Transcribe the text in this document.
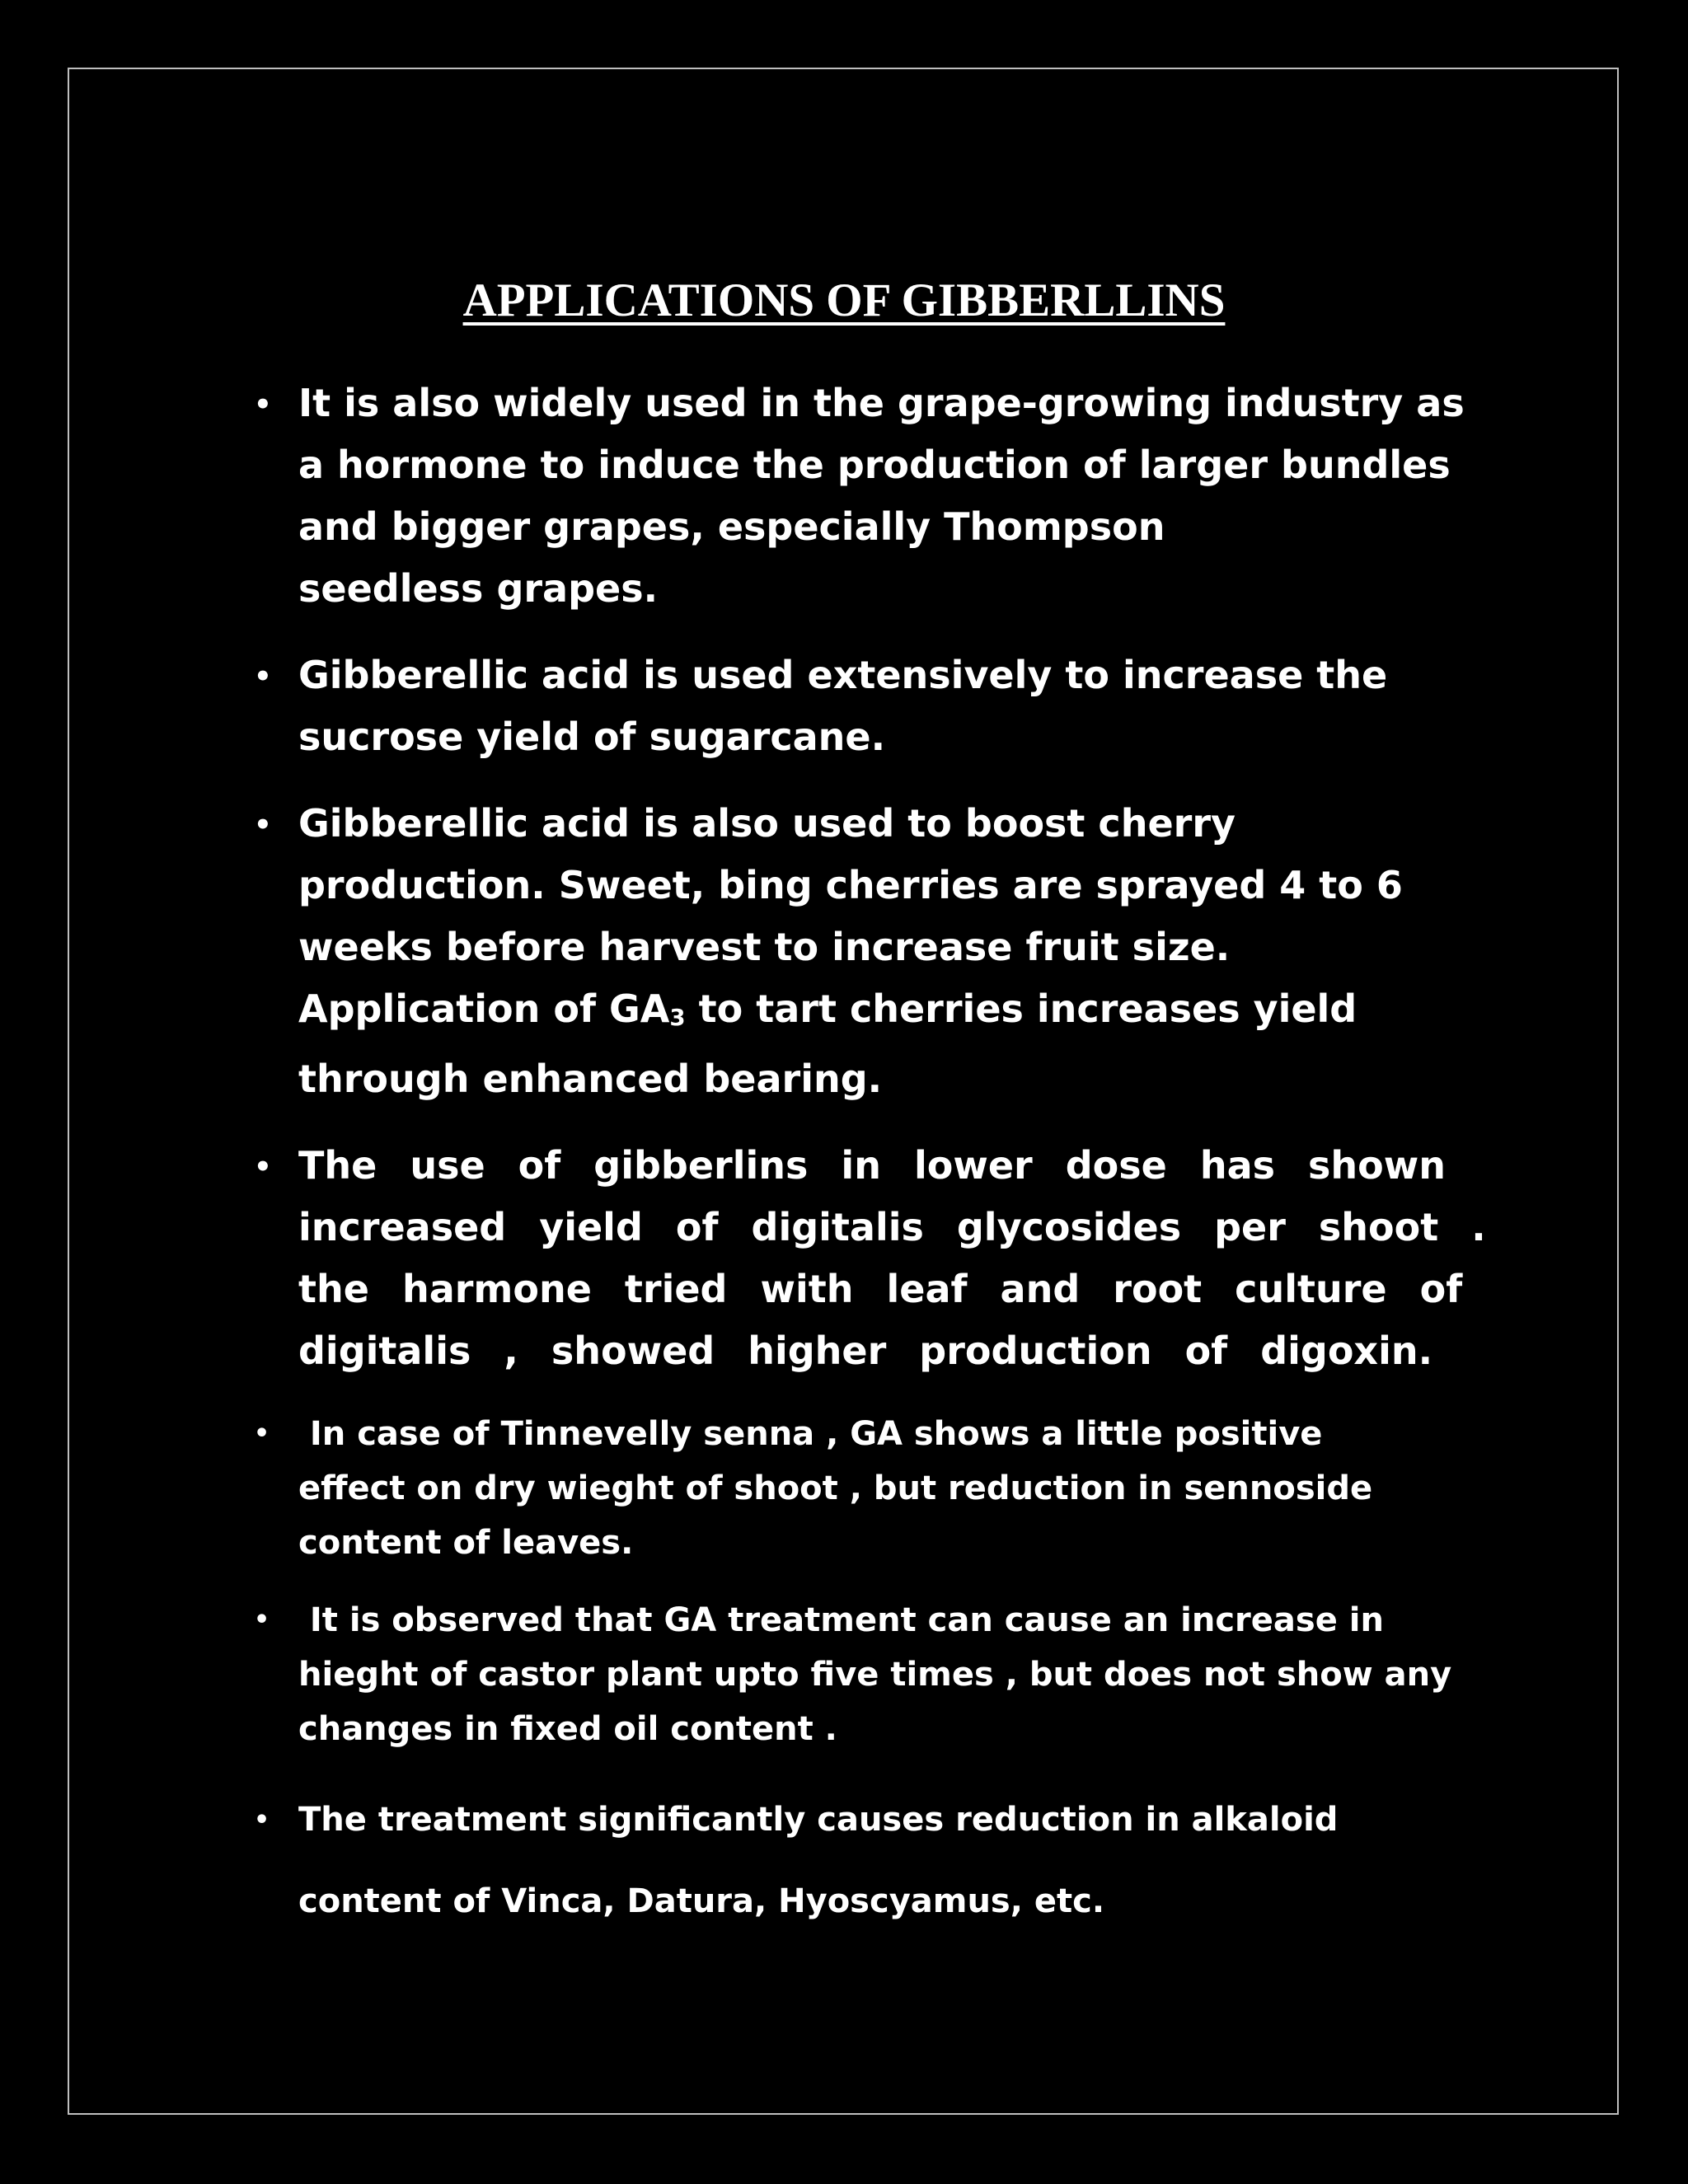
APPLICATIONS OF GIBBERLLINS
• It is also widely used in the grape-growing industry as
a hormone to induce the production of larger bundles
and bigger grapes, especially Thompson
seedless grapes.
• Gibberellic acid is used extensively to increase the
sucrose yield of sugarcane.
• Gibberellic acid is also used to boost cherry
production. Sweet, bing cherries are sprayed 4 to 6
weeks before harvest to increase fruit size.
Application of $GA_3$ to tart cherries increases yield
through enhanced bearing.
• The use of gibberlins in lower dose has shown
increased yield of digitalis glycosides per shoot .
the harmone tried with leaf and root culture of
digitalis , showed higher production of digoxin.
• In case of Tinnevelly senna , GA shows a little positive
effect on dry wieght of shoot , but reduction in sennoside
content of leaves.
• It is observed that GA treatment can cause an increase in
hieght of castor plant upto five times , but does not show any
changes in fixed oil content .
• The treatment significantly causes reduction in alkaloid
content of Vinca, Datura, Hyoscyamus, etc.
